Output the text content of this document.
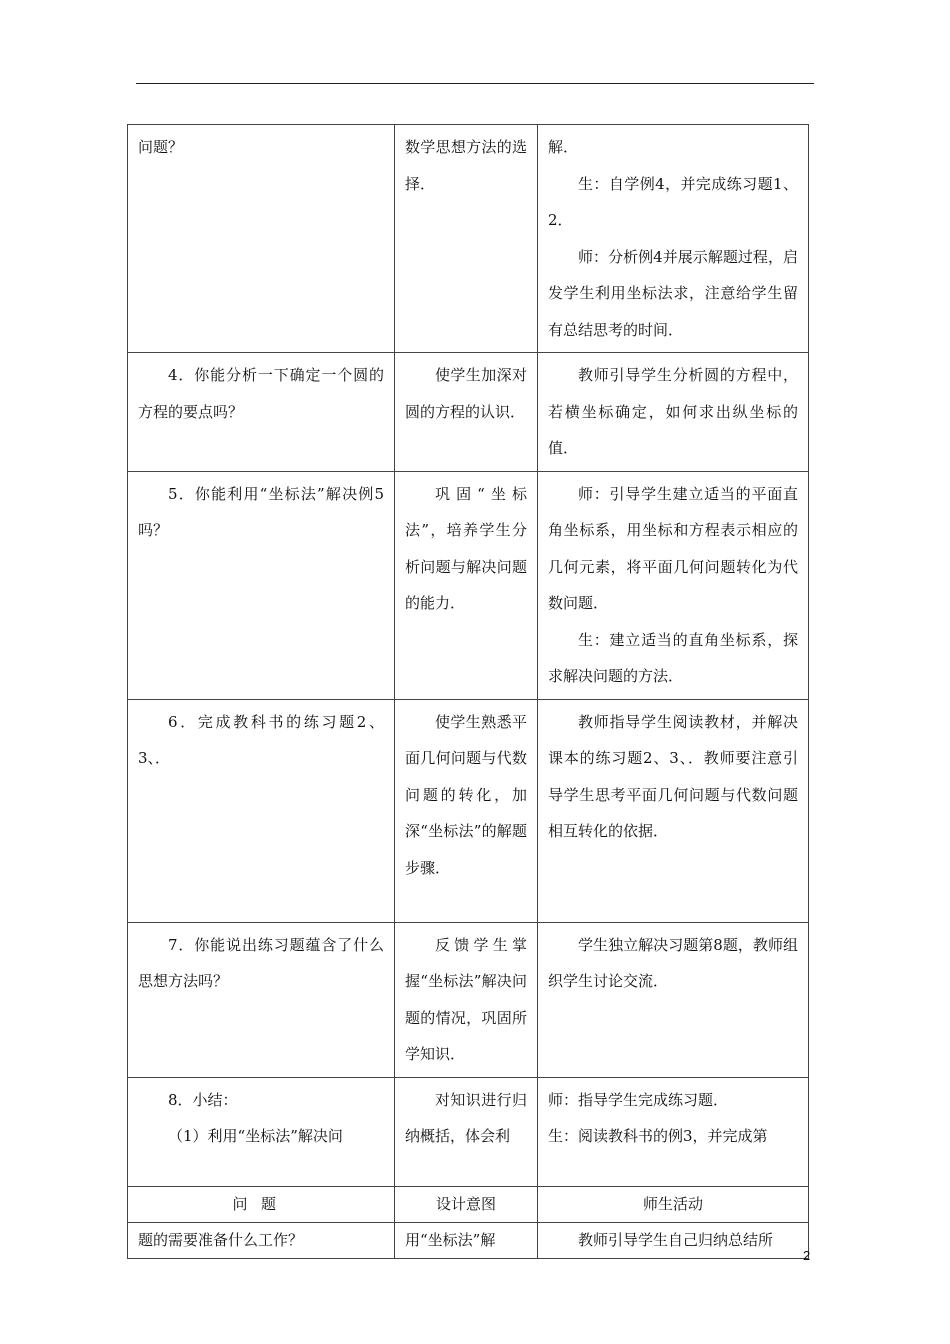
问题？	数学思想方法的选择．	解．
生：自学例4，并完成练习题1、2．
师：分析例4并展示解题过程，启发学生利用坐标法求，注意给学生留有总结思考的时间．

4．你能分析一下确定一个圆的方程的要点吗？	使学生加深对圆的方程的认识．	教师引导学生分析圆的方程中，若横坐标确定，如何求出纵坐标的值．

5．你能利用“坐标法”解决例5吗？	巩固“坐标法”，培养学生分析问题与解决问题的能力．	师：引导学生建立适当的平面直角坐标系，用坐标和方程表示相应的几何元素，将平面几何问题转化为代数问题．
生：建立适当的直角坐标系，探求解决问题的方法．

6．完成教科书的练习题2、3、．	使学生熟悉平面几何问题与代数问题的转化，加深“坐标法”的解题步骤．	教师指导学生阅读教材，并解决课本的练习题2、3、．教师要注意引导学生思考平面几何问题与代数问题相互转化的依据．

7．你能说出练习题蕴含了什么思想方法吗？	反馈学生掌握“坐标法”解决问题的情况，巩固所学知识．	学生独立解决习题第8题，教师组织学生讨论交流．

8．小结：
（1）利用“坐标法”解决问	对知识进行归纳概括，体会利	师：指导学生完成练习题．
生：阅读教科书的例3，并完成第

问题	设计意图	师生活动

题的需要准备什么工作？	用“坐标法”解	教师引导学生自己归纳总结所
2
